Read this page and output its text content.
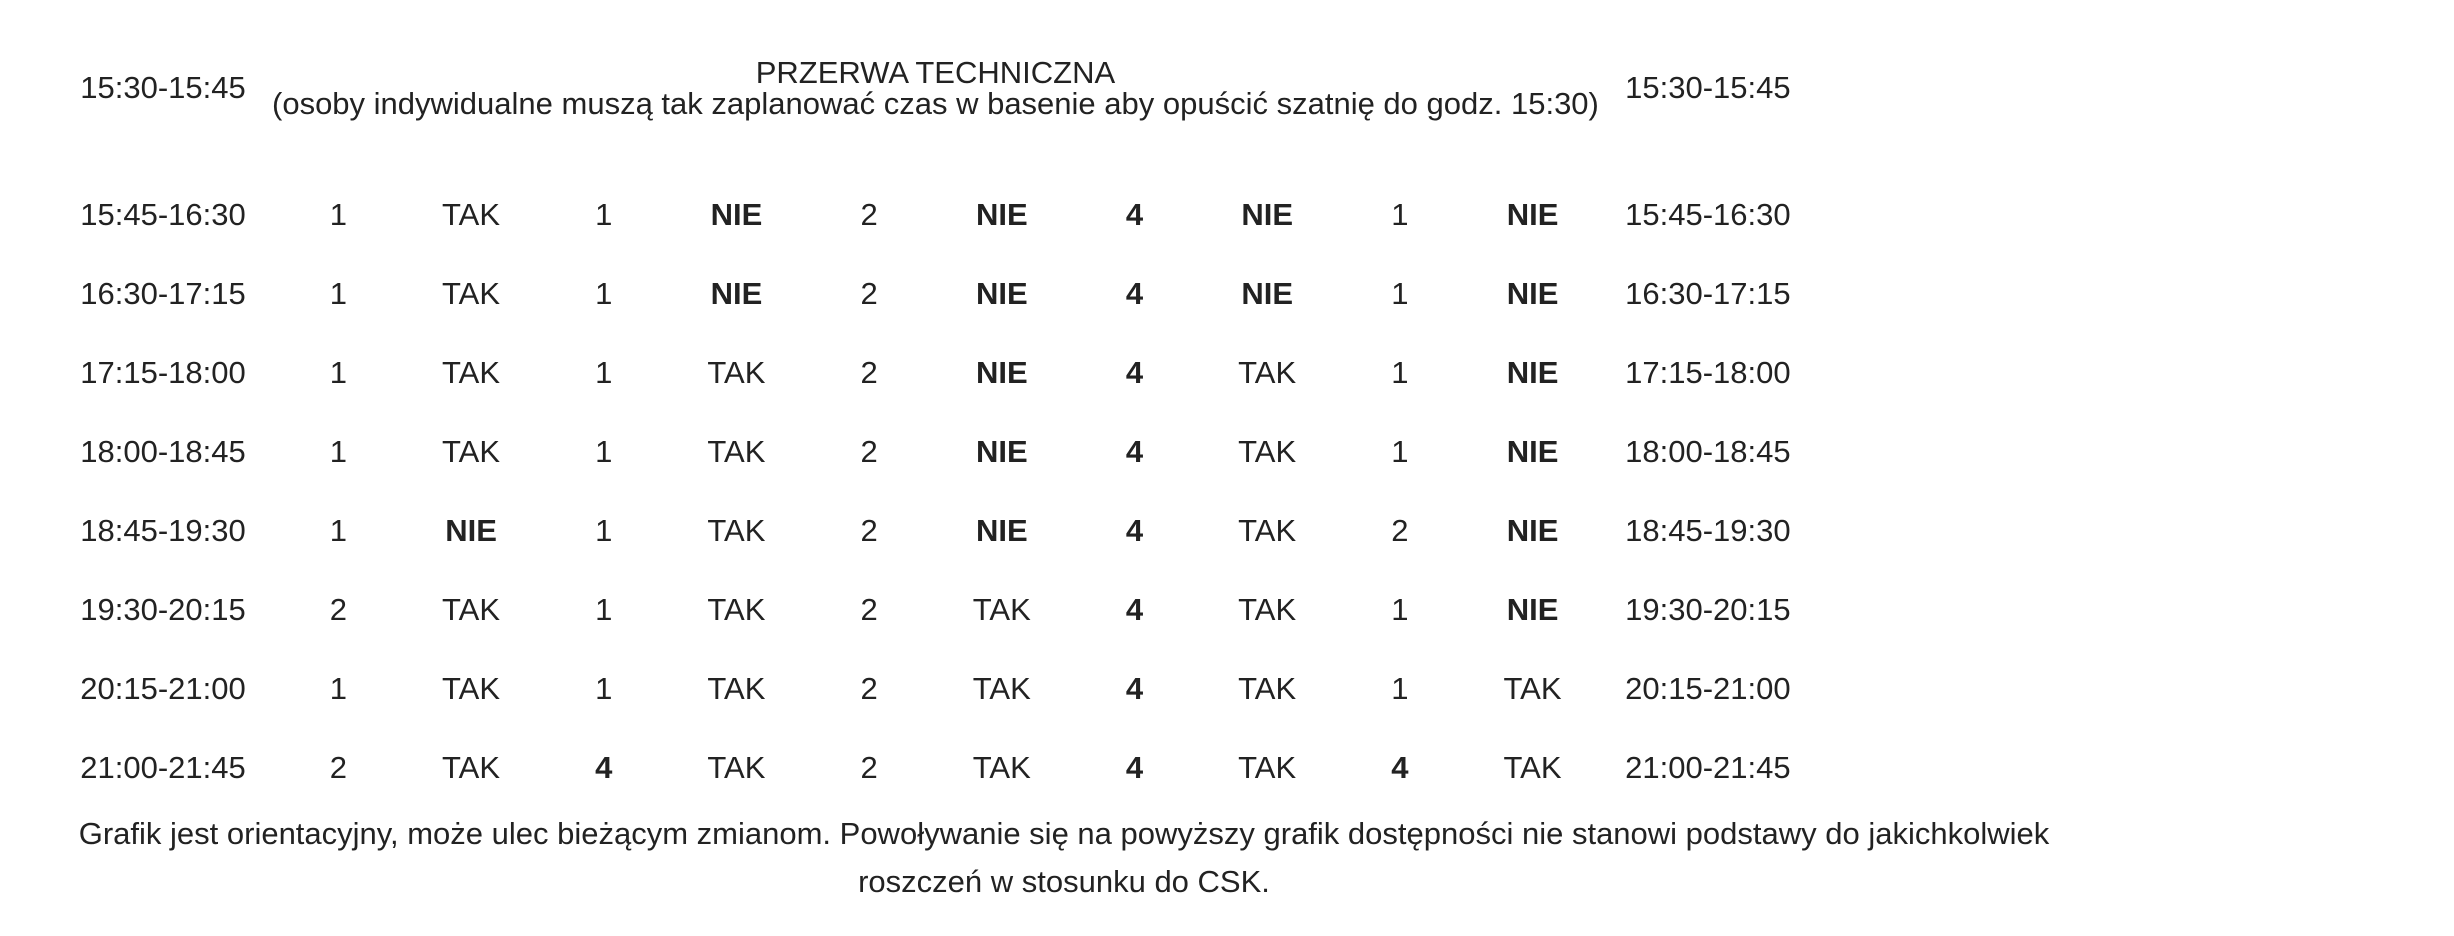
15:30-15:45	PRZERWA TECHNICZNA
(osoby indywidualne muszą tak zaplanować czas w basenie aby opuścić szatnię do godz. 15:30)										15:30-15:45
15:45-16:30	1	TAK	1	NIE	2	NIE	4	NIE	1	NIE	15:45-16:30
16:30-17:15	1	TAK	1	NIE	2	NIE	4	NIE	1	NIE	16:30-17:15
17:15-18:00	1	TAK	1	TAK	2	NIE	4	TAK	1	NIE	17:15-18:00
18:00-18:45	1	TAK	1	TAK	2	NIE	4	TAK	1	NIE	18:00-18:45
18:45-19:30	1	NIE	1	TAK	2	NIE	4	TAK	2	NIE	18:45-19:30
19:30-20:15	2	TAK	1	TAK	2	TAK	4	TAK	1	NIE	19:30-20:15
20:15-21:00	1	TAK	1	TAK	2	TAK	4	TAK	1	TAK	20:15-21:00
21:00-21:45	2	TAK	4	TAK	2	TAK	4	TAK	4	TAK	21:00-21:45
Grafik jest orientacyjny, może ulec bieżącym zmianom. Powoływanie się na powyższy grafik dostępności nie stanowi podstawy do jakichkolwiek roszczeń w stosunku do CSK.
